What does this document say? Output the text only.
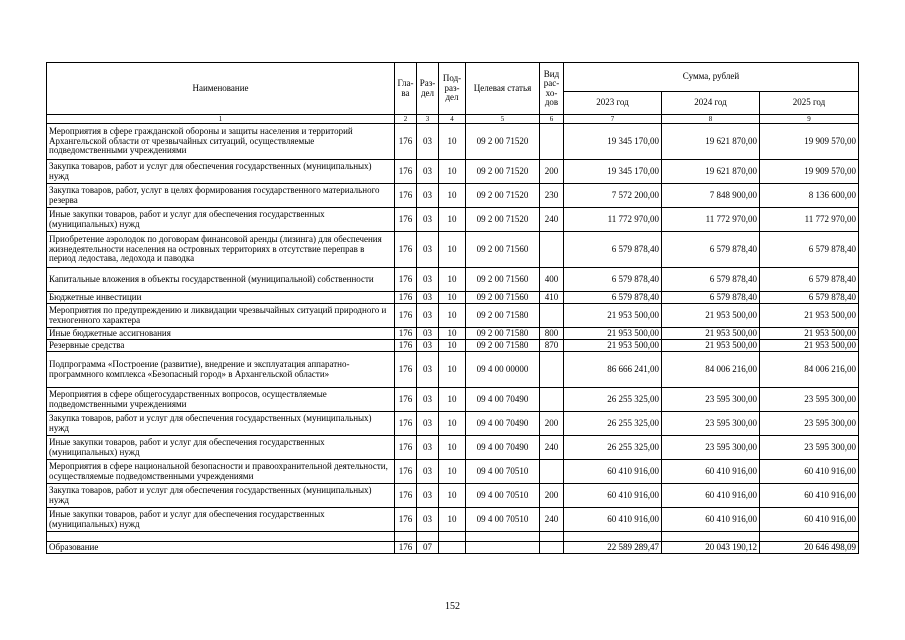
Наименование	Гла-ва	Раз-дел	Под-раз-дел	Целевая статья	Вид рас-хо-дов	Сумма, рублей		
						2023 год	2024 год	2025 год
1	2	3	4	5	6	7	8	9
Мероприятия в сфере гражданской обороны и защиты населения и территорий Архангельской области от чрезвычайных ситуаций, осуществляемые подведомственными учреждениями	176	03	10	09 2 00 71520		19 345 170,00	19 621 870,00	19 909 570,00
Закупка товаров, работ и услуг для обеспечения государственных (муниципальных) нужд	176	03	10	09 2 00 71520	200	19 345 170,00	19 621 870,00	19 909 570,00
Закупка товаров, работ, услуг в целях формирования государственного материального резерва	176	03	10	09 2 00 71520	230	7 572 200,00	7 848 900,00	8 136 600,00
Иные закупки товаров, работ и услуг для обеспечения государственных (муниципальных) нужд	176	03	10	09 2 00 71520	240	11 772 970,00	11 772 970,00	11 772 970,00
Приобретение аэролодок по договорам финансовой аренды (лизинга) для обеспечения жизнедеятельности населения на островных территориях в отсутствие переправ в период ледостава, ледохода и паводка	176	03	10	09 2 00 71560		6 579 878,40	6 579 878,40	6 579 878,40
Капитальные вложения в объекты государственной (муниципальной) собственности	176	03	10	09 2 00 71560	400	6 579 878,40	6 579 878,40	6 579 878,40
Бюджетные инвестиции	176	03	10	09 2 00 71560	410	6 579 878,40	6 579 878,40	6 579 878,40
Мероприятия по предупреждению и ликвидации чрезвычайных ситуаций природного и техногенного характера	176	03	10	09 2 00 71580		21 953 500,00	21 953 500,00	21 953 500,00
Иные бюджетные ассигнования	176	03	10	09 2 00 71580	800	21 953 500,00	21 953 500,00	21 953 500,00
Резервные средства	176	03	10	09 2 00 71580	870	21 953 500,00	21 953 500,00	21 953 500,00
Подпрограмма «Построение (развитие), внедрение и эксплуатация аппаратно-программного комплекса «Безопасный город» в Архангельской области»	176	03	10	09 4 00 00000		86 666 241,00	84 006 216,00	84 006 216,00
Мероприятия в сфере общегосударственных вопросов, осуществляемые подведомственными учреждениями	176	03	10	09 4 00 70490		26 255 325,00	23 595 300,00	23 595 300,00
Закупка товаров, работ и услуг для обеспечения государственных (муниципальных) нужд	176	03	10	09 4 00 70490	200	26 255 325,00	23 595 300,00	23 595 300,00
Иные закупки товаров, работ и услуг для обеспечения государственных (муниципальных) нужд	176	03	10	09 4 00 70490	240	26 255 325,00	23 595 300,00	23 595 300,00
Мероприятия в сфере национальной безопасности и правоохранительной деятельности, осуществляемые подведомственными учреждениями	176	03	10	09 4 00 70510		60 410 916,00	60 410 916,00	60 410 916,00
Закупка товаров, работ и услуг для обеспечения государственных (муниципальных) нужд	176	03	10	09 4 00 70510	200	60 410 916,00	60 410 916,00	60 410 916,00
Иные закупки товаров, работ и услуг для обеспечения государственных (муниципальных) нужд	176	03	10	09 4 00 70510	240	60 410 916,00	60 410 916,00	60 410 916,00

Образование	176	07				22 589 289,47	20 043 190,12	20 646 498,09
152
